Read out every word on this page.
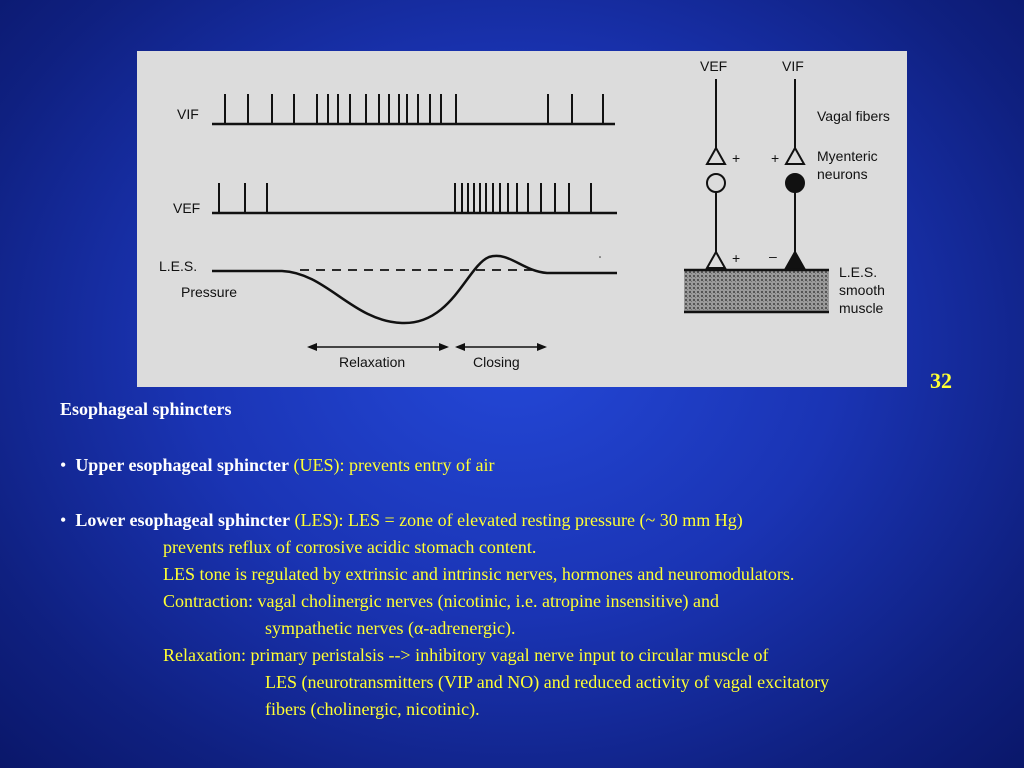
VIF
VEF
L.E.S.
Pressure
Relaxation	Closing
VEF	VIF
Vagal fibers
Myenteric
neurons
L.E.S.
smooth
muscle
+ +
+ –
32
Esophageal sphincters
•  Upper esophageal sphincter (UES): prevents entry of air
•  Lower esophageal sphincter (LES): LES = zone of elevated resting pressure (~ 30 mm Hg)
prevents reflux of corrosive acidic stomach content.
LES tone is regulated by extrinsic and intrinsic nerves, hormones and neuromodulators.
Contraction: vagal cholinergic nerves (nicotinic, i.e. atropine insensitive) and
sympathetic nerves (α-adrenergic).
Relaxation: primary peristalsis --> inhibitory vagal nerve input to circular muscle of
LES (neurotransmitters (VIP and NO) and reduced activity of vagal excitatory
fibers (cholinergic, nicotinic).
